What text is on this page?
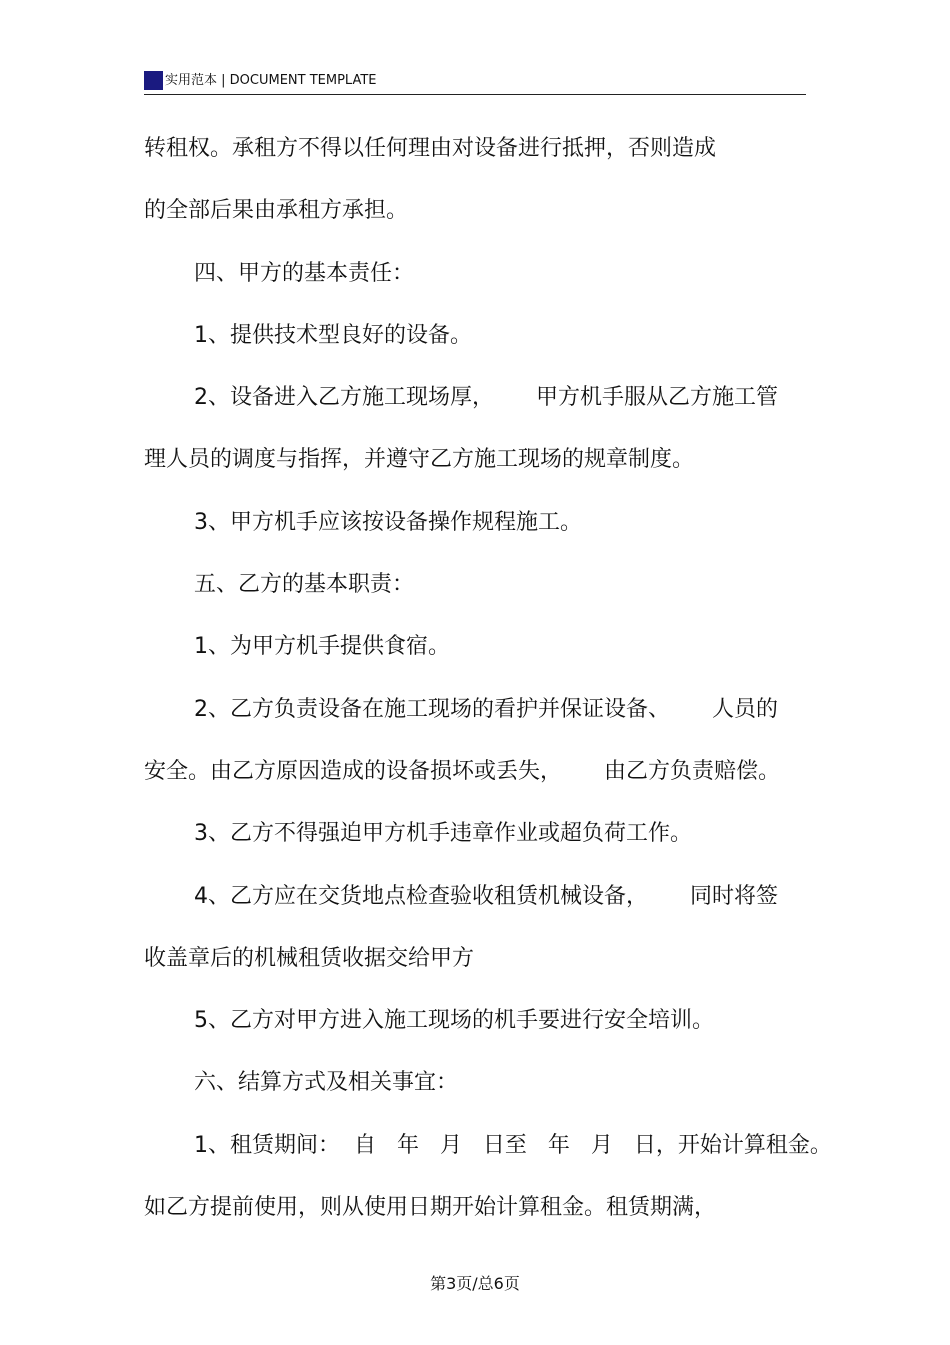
实用范本 | DOCUMENT TEMPLATE
转租权。承租方不得以任何理由对设备进行抵押，否则造成
的全部后果由承租方承担。
四、甲方的基本责任：
1、提供技术型良好的设备。
2、设备进入乙方施工现场厚，      甲方机手服从乙方施工管
理人员的调度与指挥，并遵守乙方施工现场的规章制度。
3、甲方机手应该按设备操作规程施工。
五、乙方的基本职责：
1、为甲方机手提供食宿。
2、乙方负责设备在施工现场的看护并保证设备、      人员的
安全。由乙方原因造成的设备损坏或丢失，      由乙方负责赔偿。
3、乙方不得强迫甲方机手违章作业或超负荷工作。
4、乙方应在交货地点检查验收租赁机械设备，      同时将签
收盖章后的机械租赁收据交给甲方
5、乙方对甲方进入施工现场的机手要进行安全培训。
六、结算方式及相关事宜：
1、租赁期间：  自   年   月   日至   年   月   日，开始计算租金。
如乙方提前使用，则从使用日期开始计算租金。租赁期满，
第3页/总6页
